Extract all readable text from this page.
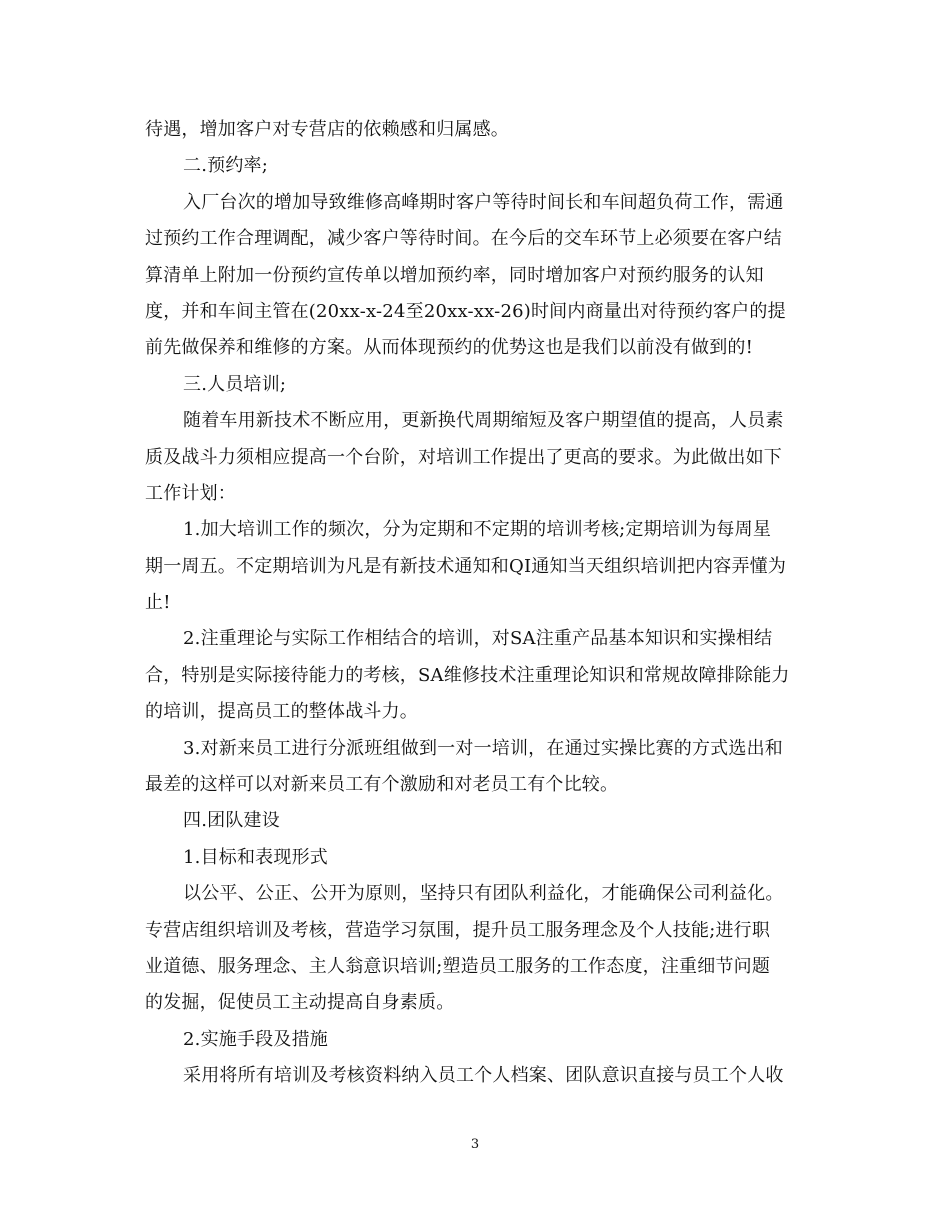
待遇，增加客户对专营店的依赖感和归属感。
二.预约率;
入厂台次的增加导致维修高峰期时客户等待时间长和车间超负荷工作，需通
过预约工作合理调配，减少客户等待时间。在今后的交车环节上必须要在客户结
算清单上附加一份预约宣传单以增加预约率，同时增加客户对预约服务的认知
度，并和车间主管在(20xx-x-24至20xx-xx-26)时间内商量出对待预约客户的提
前先做保养和维修的方案。从而体现预约的优势这也是我们以前没有做到的!
三.人员培训;
随着车用新技术不断应用，更新换代周期缩短及客户期望值的提高，人员素
质及战斗力须相应提高一个台阶，对培训工作提出了更高的要求。为此做出如下
工作计划：
1.加大培训工作的频次，分为定期和不定期的培训考核;定期培训为每周星
期一周五。不定期培训为凡是有新技术通知和QI通知当天组织培训把内容弄懂为
止!
2.注重理论与实际工作相结合的培训，对SA注重产品基本知识和实操相结
合，特别是实际接待能力的考核，SA维修技术注重理论知识和常规故障排除能力
的培训，提高员工的整体战斗力。
3.对新来员工进行分派班组做到一对一培训，在通过实操比赛的方式选出和
最差的这样可以对新来员工有个激励和对老员工有个比较。
四.团队建设
1.目标和表现形式
以公平、公正、公开为原则，坚持只有团队利益化，才能确保公司利益化。
专营店组织培训及考核，营造学习氛围，提升员工服务理念及个人技能;进行职
业道德、服务理念、主人翁意识培训;塑造员工服务的工作态度，注重细节问题
的发掘，促使员工主动提高自身素质。
2.实施手段及措施
采用将所有培训及考核资料纳入员工个人档案、团队意识直接与员工个人收
3
